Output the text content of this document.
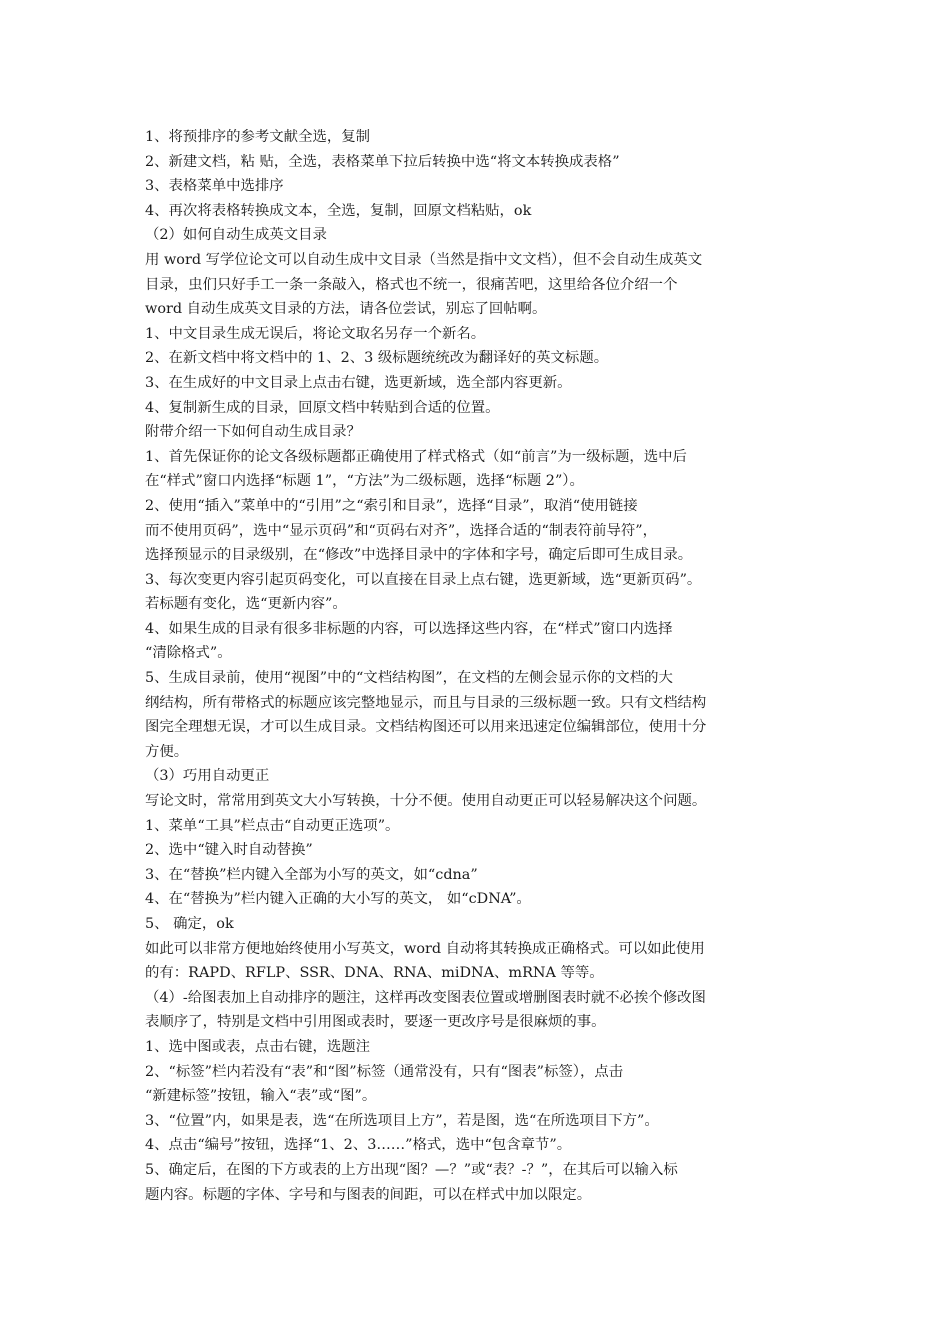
1、将预排序的参考文献全选，复制
2、新建文档，粘 贴，全选，表格菜单下拉后转换中选“将文本转换成表格”
3、表格菜单中选排序
4、再次将表格转换成文本，全选，复制，回原文档粘贴，ok
（2）如何自动生成英文目录
用 word 写学位论文可以自动生成中文目录（当然是指中文文档），但不会自动生成英文
目录，虫们只好手工一条一条敲入，格式也不统一，很痛苦吧，这里给各位介绍一个
word 自动生成英文目录的方法，请各位尝试，别忘了回帖啊。
1、中文目录生成无误后，将论文取名另存一个新名。
2、在新文档中将文档中的 1、2、3 级标题统统改为翻译好的英文标题。
3、在生成好的中文目录上点击右键，选更新域，选全部内容更新。
4、复制新生成的目录，回原文档中转贴到合适的位置。
附带介绍一下如何自动生成目录？
1、首先保证你的论文各级标题都正确使用了样式格式（如“前言”为一级标题，选中后
在“样式”窗口内选择“标题 1”，“方法”为二级标题，选择“标题 2”）。
2、使用“插入”菜单中的“引用”之“索引和目录”，选择“目录”，取消“使用链接
而不使用页码”，选中“显示页码”和“页码右对齐”，选择合适的“制表符前导符”，
选择预显示的目录级别，在“修改”中选择目录中的字体和字号，确定后即可生成目录。
3、每次变更内容引起页码变化，可以直接在目录上点右键，选更新域，选“更新页码”。
若标题有变化，选“更新内容”。
4、如果生成的目录有很多非标题的内容，可以选择这些内容，在“样式”窗口内选择
“清除格式”。
5、生成目录前，使用“视图”中的“文档结构图”，在文档的左侧会显示你的文档的大
纲结构，所有带格式的标题应该完整地显示，而且与目录的三级标题一致。只有文档结构
图完全理想无误，才可以生成目录。文档结构图还可以用来迅速定位编辑部位，使用十分
方便。
（3）巧用自动更正
写论文时，常常用到英文大小写转换，十分不便。使用自动更正可以轻易解决这个问题。
1、菜单“工具”栏点击“自动更正选项”。
2、选中“键入时自动替换”
3、在“替换”栏内键入全部为小写的英文，如“cdna”
4、在“替换为”栏内键入正确的大小写的英文， 如“cDNA”。
5、 确定，ok
如此可以非常方便地始终使用小写英文，word 自动将其转换成正确格式。可以如此使用
的有：RAPD、RFLP、SSR、DNA、RNA、miDNA、mRNA 等等。
（4）-给图表加上自动排序的题注，这样再改变图表位置或增删图表时就不必挨个修改图
表顺序了，特别是文档中引用图或表时，要逐一更改序号是很麻烦的事。
1、选中图或表，点击右键，选题注
2、“标签”栏内若没有“表”和“图”标签（通常没有，只有“图表”标签），点击
“新建标签”按钮，输入“表”或“图”。
3、“位置”内，如果是表，选“在所选项目上方”，若是图，选“在所选项目下方”。
4、点击“编号”按钮，选择“1、2、3……”格式，选中“包含章节”。
5、确定后，在图的下方或表的上方出现“图？—？”或“表？-？”，在其后可以输入标
题内容。标题的字体、字号和与图表的间距，可以在样式中加以限定。
